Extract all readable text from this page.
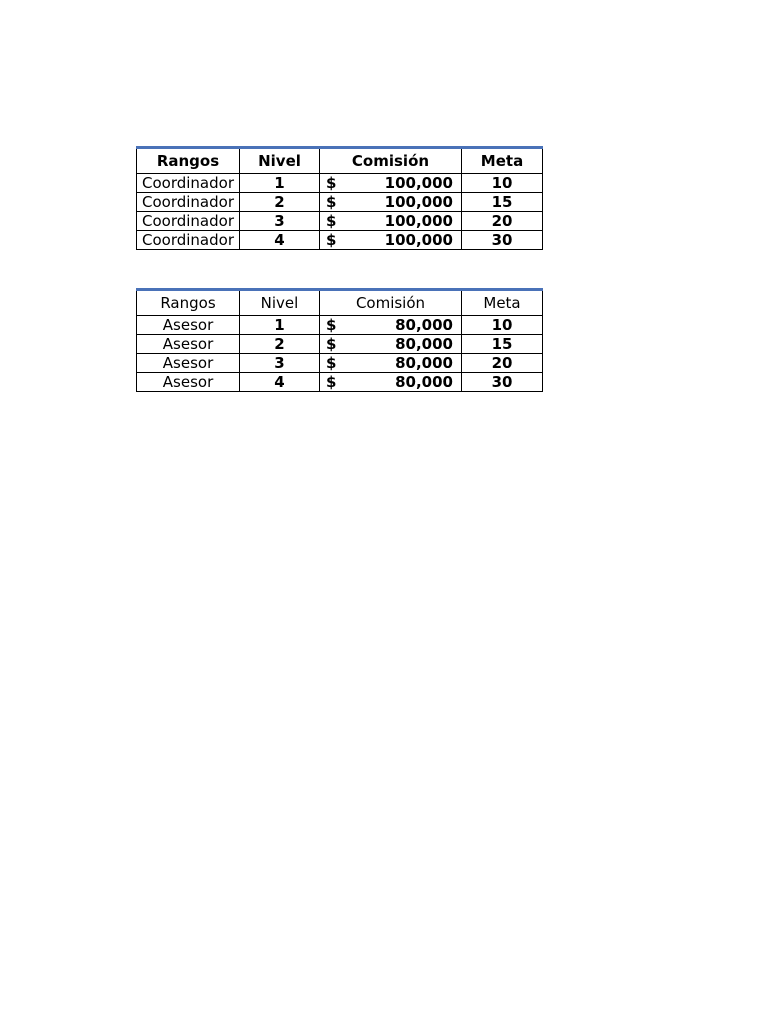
Rangos	Nivel	Comisión	Meta
Coordinador	1	$ 100,000	10
Coordinador	2	$ 100,000	15
Coordinador	3	$ 100,000	20
Coordinador	4	$ 100,000	30
Rangos	Nivel	Comisión	Meta
Asesor	1	$ 80,000	10
Asesor	2	$ 80,000	15
Asesor	3	$ 80,000	20
Asesor	4	$ 80,000	30
